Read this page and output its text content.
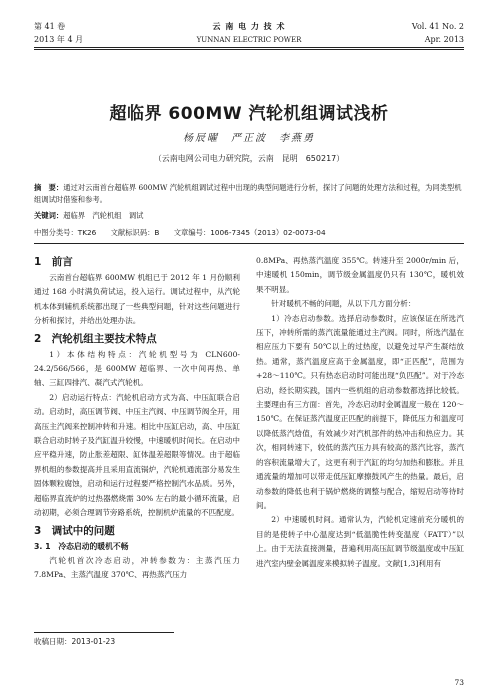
第 41 卷
2013 年 4 月
云 南 电 力 技 术
YUNNAN ELECTRIC POWER
Vol. 41 No. 2
Apr. 2013
超临界 600MW 汽轮机组调试浅析
杨辰曜　严正波　李燕勇
（云南电网公司电力研究院，云南　昆明　650217）
摘　要：通过对云南首台超临界 600MW 汽轮机组调试过程中出现的典型问题进行分析，探讨了问题的处理方法和过程，为同类型机组调试时借鉴和参考。
关键词：超临界　汽轮机组　调试
中图分类号：TK26 文献标识码：B 文章编号：1006-7345（2013）02-0073-04
1　前言

云南首台超临界 600MW 机组已于 2012 年 1 月份顺利通过 168 小时满负荷试运，投入运行。调试过程中，从汽轮机本体到辅机系统都出现了一些典型问题，针对这些问题进行分析和探讨，并给出处理办法。

2　汽轮机组主要技术特点

1）本体结构特点：汽轮机型号为 CLN600-24.2/566/566，是 600MW 超临界、一次中间再热、单轴、三缸四排汽、凝汽式汽轮机。

2）启动运行特点：汽轮机启动方式为高、中压缸联合启动。启动时，高压调节阀、中压主汽阀、中压调节阀全开，用高压主汽阀来控制冲转和升速。相比中压缸启动，高、中压缸联合启动时转子及汽缸温升较慢，中速暖机时间长。在启动中应平稳升速，防止胀差超限、缸体温差超限等情况。由于超临界机组的参数提高并且采用直流锅炉，汽轮机通流部分易发生固体颗粒腐蚀，启动和运行过程要严格控制汽水品质。另外，超临界直流炉的过热器燃烧需 30% 左右的最小循环流量，启动初期，必须合理调节旁路系统，控制机炉流量的不匹配度。

3　调试中的问题
3. 1　冷态启动的暖机不畅

汽轮机首次冷态启动，冲转参数为：主蒸汽压力 7.8MPa、主蒸汽温度 370℃、再热蒸汽压力

0.8MPa、再热蒸汽温度 355℃。转速升至 2000r/min 后，中速暖机 150min，调节级金属温度仍只有 130℃，暖机效果不明显。

针对暖机不畅的问题，从以下几方面分析：

1）冷态启动参数。选择启动参数时，应该保证在所选汽压下，冲转所需的蒸汽流量能通过主汽阀。同时，所选汽温在相应压力下要有 50℃以上的过热度，以避免过早产生凝结放热。通常，蒸汽温度应高于金属温度，即“正匹配”，范围为 +28～110℃。只有热态启动时可能出现“负匹配”。对于冷态启动，经长期实践，国内一些机组的启动参数都选择比较低。主要理由有三方面：首先，冷态启动时金属温度一般在 120～150℃。在保证蒸汽温度正匹配的前提下，降低压力和温度可以降低蒸汽焓值，有效减少对汽机部件的热冲击和热应力。其次，相同转速下，较低的蒸汽压力具有较高的蒸汽比容，蒸汽的容积流量增大了，这更有利于汽缸的均匀加热和膨胀。并且通流量的增加可以带走低压缸摩擦鼓风产生的热量。最后，启动参数的降低也利于锅炉燃烧的调整与配合，缩短启动等待时间。

2）中速暖机时间。通常认为，汽轮机定速前充分暖机的目的是使转子中心温度达到“低温脆性转变温度（FATT）”以上。由于无法直接测量，普遍利用高压缸调节级温度或中压缸进汽室内壁金属温度来模拟转子温度。文献[1,3]利用有

收稿日期：2013-01-23
73
